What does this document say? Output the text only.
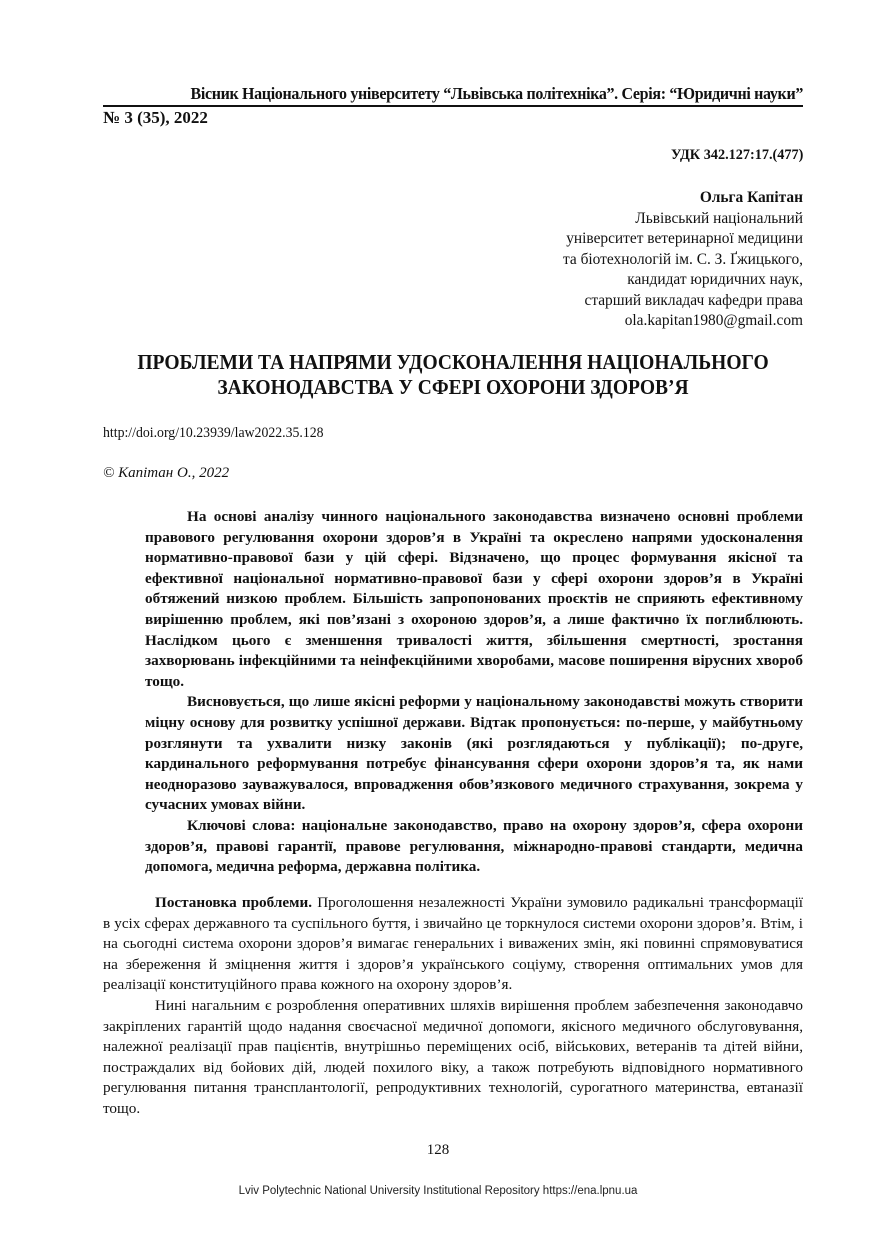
Вісник Національного університету “Львівська політехніка”. Серія: “Юридичні науки”
№ 3 (35), 2022
УДК 342.127:17.(477)
Ольга Капітан
Львівський національний
університет ветеринарної медицини
та біотехнологій ім. С. З. Ґжицького,
кандидат юридичних наук,
старший викладач кафедри права
ola.kapitan1980@gmail.com
ПРОБЛЕМИ ТА НАПРЯМИ УДОСКОНАЛЕННЯ НАЦІОНАЛЬНОГО
ЗАКОНОДАВСТВА У СФЕРІ ОХОРОНИ ЗДОРОВ’Я
http://doi.org/10.23939/law2022.35.128
© Капітан О., 2022

На основі аналізу чинного національного законодавства визначено основні проблеми правового регулювання охорони здоров’я в Україні та окреслено напрями удосконалення нормативно-правової бази у цій сфері. Відзначено, що процес формування якісної та ефективної національної нормативно-правової бази у сфері охорони здоров’я в Україні обтяжений низкою проблем. Більшість запропонованих проєктів не сприяють ефективному вирішенню проблем, які пов’язані з охороною здоров’я, а лише фактично їх поглиблюють. Наслідком цього є зменшення тривалості життя, збільшення смертності, зростання захворювань інфекційними та неінфекційними хворобами, масове поширення вірусних хвороб тощо.

Висновується, що лише якісні реформи у національному законодавстві можуть створити міцну основу для розвитку успішної держави. Відтак пропонується: по-перше, у майбутньому розглянути та ухвалити низку законів (які розглядаються у публікації); по-друге, кардинального реформування потребує фінансування сфери охорони здоров’я та, як нами неодноразово зауважувалося, впровадження обов’язкового медичного страхування, зокрема у сучасних умовах війни.

Ключові слова: національне законодавство, право на охорону здоров’я, сфера охорони здоров’я, правові гарантії, правове регулювання, міжнародно-правові стандарти, медична допомога, медична реформа, державна політика.

Постановка проблеми. Проголошення незалежності України зумовило радикальні трансформації в усіх сферах державного та суспільного буття, і звичайно це торкнулося системи охорони здоров’я. Втім, і на сьогодні система охорони здоров’я вимагає генеральних і виважених змін, які повинні спрямовуватися на збереження й зміцнення життя і здоров’я українського соціуму, створення оптимальних умов для реалізації конституційного права кожного на охорону здоров’я.

Нині нагальним є розроблення оперативних шляхів вирішення проблем забезпечення законодавчо закріплених гарантій щодо надання своєчасної медичної допомоги, якісного медичного обслуговування, належної реалізації прав пацієнтів, внутрішньо переміщених осіб, військових, ветеранів та дітей війни, постраждалих від бойових дій, людей похилого віку, а також потребують відповідного нормативного регулювання питання трансплантології, репродуктивних технологій, сурогатного материнства, евтаназії тощо.

128
Lviv Polytechnic National University Institutional Repository https://ena.lpnu.ua
